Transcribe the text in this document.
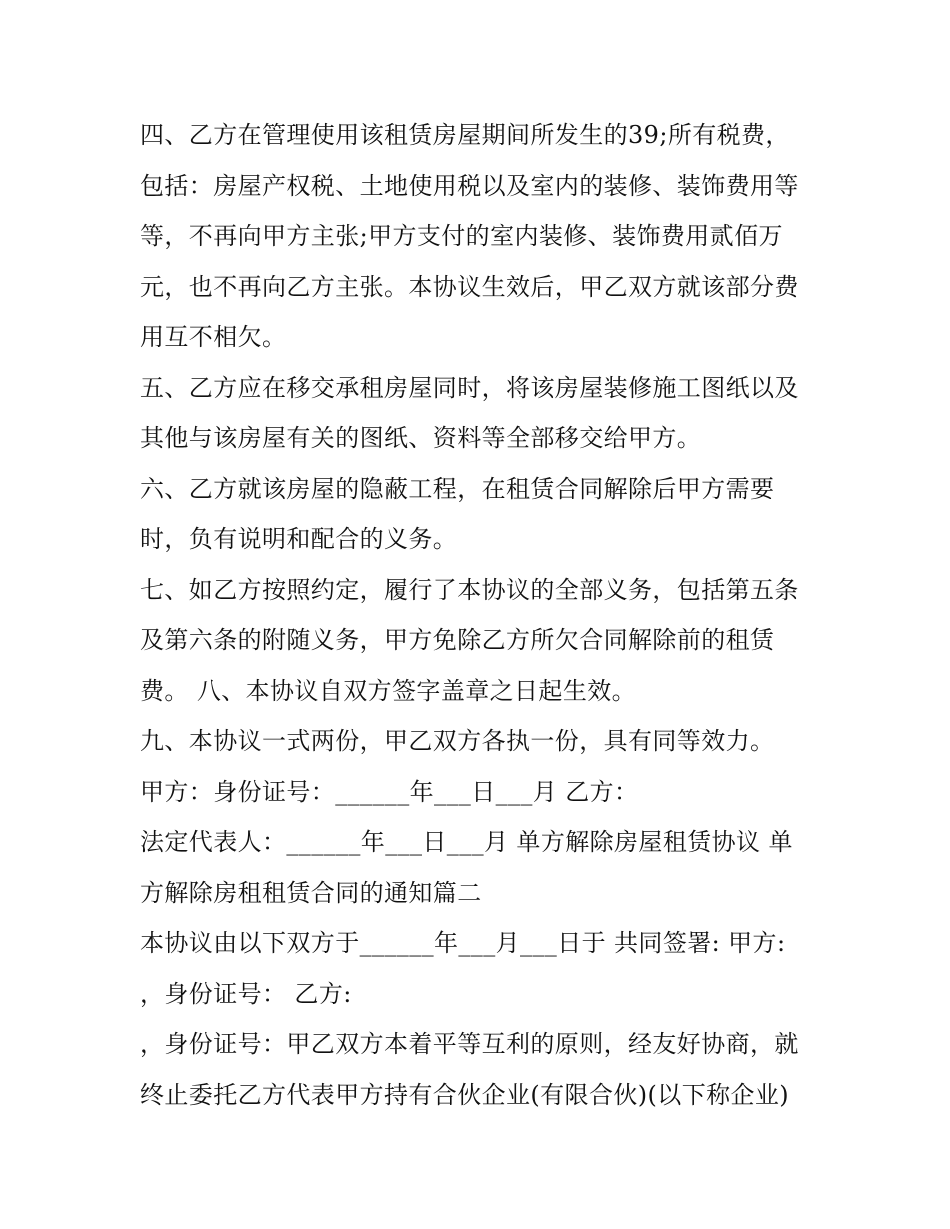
四、乙方在管理使用该租赁房屋期间所发生的39;所有税费，
包括：房屋产权税、土地使用税以及室内的装修、装饰费用等
等，不再向甲方主张;甲方支付的室内装修、装饰费用贰佰万
元，也不再向乙方主张。本协议生效后，甲乙双方就该部分费
用互不相欠。
五、乙方应在移交承租房屋同时，将该房屋装修施工图纸以及
其他与该房屋有关的图纸、资料等全部移交给甲方。
六、乙方就该房屋的隐蔽工程，在租赁合同解除后甲方需要
时，负有说明和配合的义务。
七、如乙方按照约定，履行了本协议的全部义务，包括第五条
及第六条的附随义务，甲方免除乙方所欠合同解除前的租赁
费。 八、本协议自双方签字盖章之日起生效。
九、本协议一式两份，甲乙双方各执一份，具有同等效力。
甲方：身份证号：______年___日___月 乙方：
法定代表人：______年___日___月 单方解除房屋租赁协议 单
方解除房租租赁合同的通知篇二
本协议由以下双方于______年___月___日于 共同签署: 甲方:
，身份证号： 乙方:
，身份证号：甲乙双方本着平等互利的原则，经友好协商，就
终止委托乙方代表甲方持有合伙企业(有限合伙)(以下称企业)
